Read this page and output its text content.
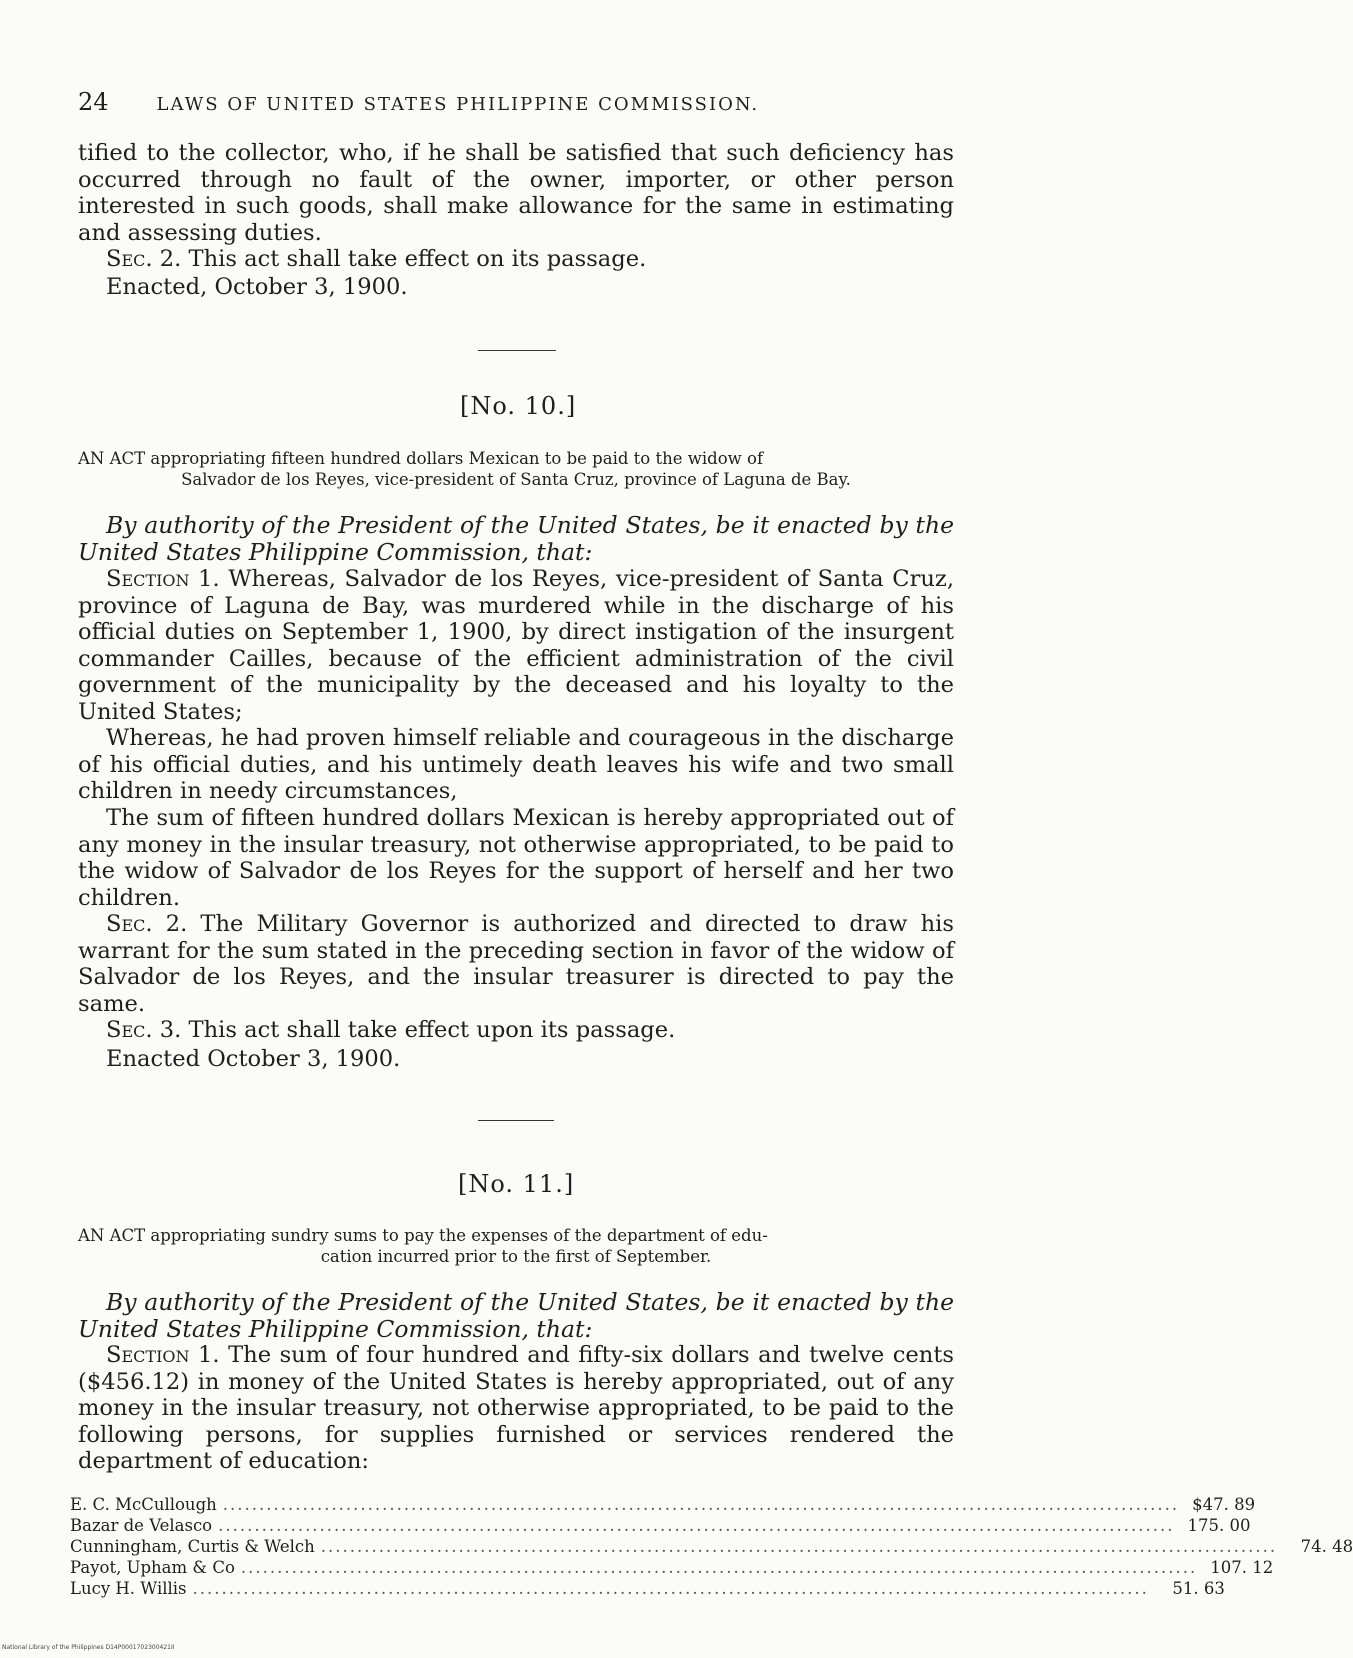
24	LAWS OF UNITED STATES PHILIPPINE COMMISSION.

tified to the collector, who, if he shall be satisfied that such deficiency has occurred through no fault of the owner, importer, or other person interested in such goods, shall make allowance for the same in estimating and assessing duties.

Sec. 2. This act shall take effect on its passage.

Enacted, October 3, 1900.

[No. 10.]
AN ACT appropriating fifteen hundred dollars Mexican to be paid to the widow of
Salvador de los Reyes, vice-president of Santa Cruz, province of Laguna de Bay.

By authority of the President of the United States, be it enacted by the United States Philippine Commission, that:

Section 1. Whereas, Salvador de los Reyes, vice-president of Santa Cruz, province of Laguna de Bay, was murdered while in the discharge of his official duties on September 1, 1900, by direct instigation of the insurgent commander Cailles, because of the efficient administration of the civil government of the municipality by the deceased and his loyalty to the United States;

Whereas, he had proven himself reliable and courageous in the discharge of his official duties, and his untimely death leaves his wife and two small children in needy circumstances,

The sum of fifteen hundred dollars Mexican is hereby appropriated out of any money in the insular treasury, not otherwise appropriated, to be paid to the widow of Salvador de los Reyes for the support of herself and her two children.

Sec. 2. The Military Governor is authorized and directed to draw his warrant for the sum stated in the preceding section in favor of the widow of Salvador de los Reyes, and the insular treasurer is directed to pay the same.

Sec. 3. This act shall take effect upon its passage.

Enacted October 3, 1900.

[No. 11.]
AN ACT appropriating sundry sums to pay the expenses of the department of edu-
cation incurred prior to the first of September.

By authority of the President of the United States, be it enacted by the United States Philippine Commission, that:

Section 1. The sum of four hundred and fifty-six dollars and twelve cents ($456.12) in money of the United States is hereby appropriated, out of any money in the insular treasury, not otherwise appropriated, to be paid to the following persons, for supplies furnished or services rendered the department of education:

E. C. McCullough .................................................................................................................................... $47. 89
Bazar de Velasco .................................................................................................................................... 175. 00
Cunningham, Curtis & Welch ....................................................................................................................................	74. 48
Payot, Upham & Co .................................................................................................................................... 107. 12
Lucy H. Willis ....................................................................................................................................	51. 63
National Library of the Philippines D14P0001702300421II
